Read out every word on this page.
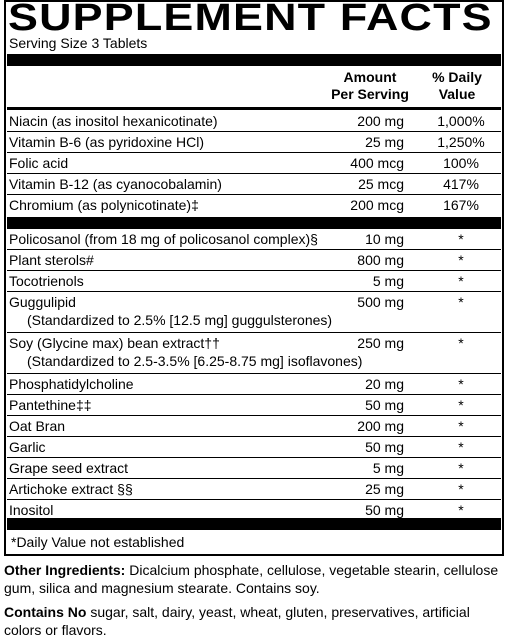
SUPPLEMENT FACTS
Serving Size 3 Tablets
Amount
Per Serving
% Daily
Value
Niacin (as inositol hexanicotinate)	200 mg	1,000%
Vitamin B-6 (as pyridoxine HCl)	25 mg	1,250%
Folic acid	400 mcg	100%
Vitamin B-12 (as cyanocobalamin)	25 mcg	417%
Chromium (as polynicotinate)‡	200 mcg	167%
Policosanol (from 18 mg of policosanol complex)§	10 mg	*
Plant sterols#	800 mg	*
Tocotrienols	5 mg	*
Guggulipid	500 mg	*
(Standardized to 2.5% [12.5 mg] guggulsterones)
Soy (Glycine max) bean extract††	250 mg	*
(Standardized to 2.5-3.5% [6.25-8.75 mg] isoflavones)
Phosphatidylcholine	20 mg	*
Pantethine‡‡	50 mg	*
Oat Bran	200 mg	*
Garlic	50 mg	*
Grape seed extract	5 mg	*
Artichoke extract §§	25 mg	*
Inositol	50 mg	*
*Daily Value not established
Other Ingredients: Dicalcium phosphate, cellulose, vegetable stearin, cellulose gum, silica and magnesium stearate. Contains soy.
Contains No sugar, salt, dairy, yeast, wheat, gluten, preservatives, artificial colors or flavors.
